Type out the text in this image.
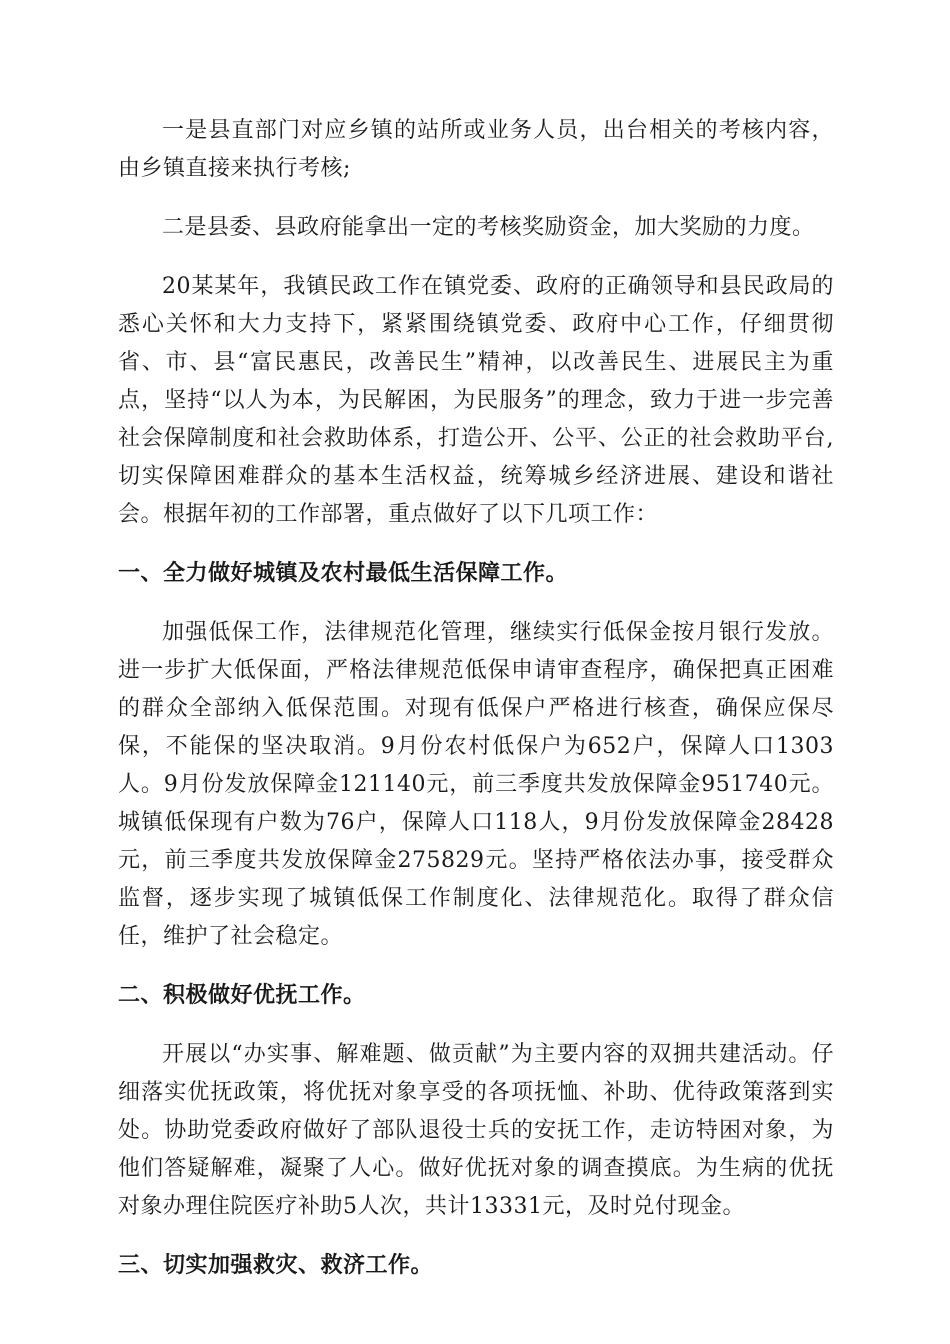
一是县直部门对应乡镇的站所或业务人员，出台相关的考核内容，由乡镇直接来执行考核;

二是县委、县政府能拿出一定的考核奖励资金，加大奖励的力度。

20某某年，我镇民政工作在镇党委、政府的正确领导和县民政局的悉心关怀和大力支持下，紧紧围绕镇党委、政府中心工作，仔细贯彻省、市、县“富民惠民，改善民生”精神，以改善民生、进展民主为重点，坚持“以人为本，为民解困，为民服务”的理念，致力于进一步完善社会保障制度和社会救助体系，打造公开、公平、公正的社会救助平台,切实保障困难群众的基本生活权益，统筹城乡经济进展、建设和谐社会。根据年初的工作部署，重点做好了以下几项工作：

一、全力做好城镇及农村最低生活保障工作。

加强低保工作，法律规范化管理，继续实行低保金按月银行发放。进一步扩大低保面，严格法律规范低保申请审查程序，确保把真正困难的群众全部纳入低保范围。对现有低保户严格进行核查，确保应保尽保，不能保的坚决取消。9月份农村低保户为652户，保障人口1303人。9月份发放保障金121140元，前三季度共发放保障金951740元。城镇低保现有户数为76户，保障人口118人，9月份发放保障金28428元，前三季度共发放保障金275829元。坚持严格依法办事，接受群众监督，逐步实现了城镇低保工作制度化、法律规范化。取得了群众信任，维护了社会稳定。

二、积极做好优抚工作。

开展以“办实事、解难题、做贡献”为主要内容的双拥共建活动。仔细落实优抚政策，将优抚对象享受的各项抚恤、补助、优待政策落到实处。协助党委政府做好了部队退役士兵的安抚工作，走访特困对象，为他们答疑解难，凝聚了人心。做好优抚对象的调查摸底。为生病的优抚对象办理住院医疗补助5人次，共计13331元，及时兑付现金。

三、切实加强救灾、救济工作。
